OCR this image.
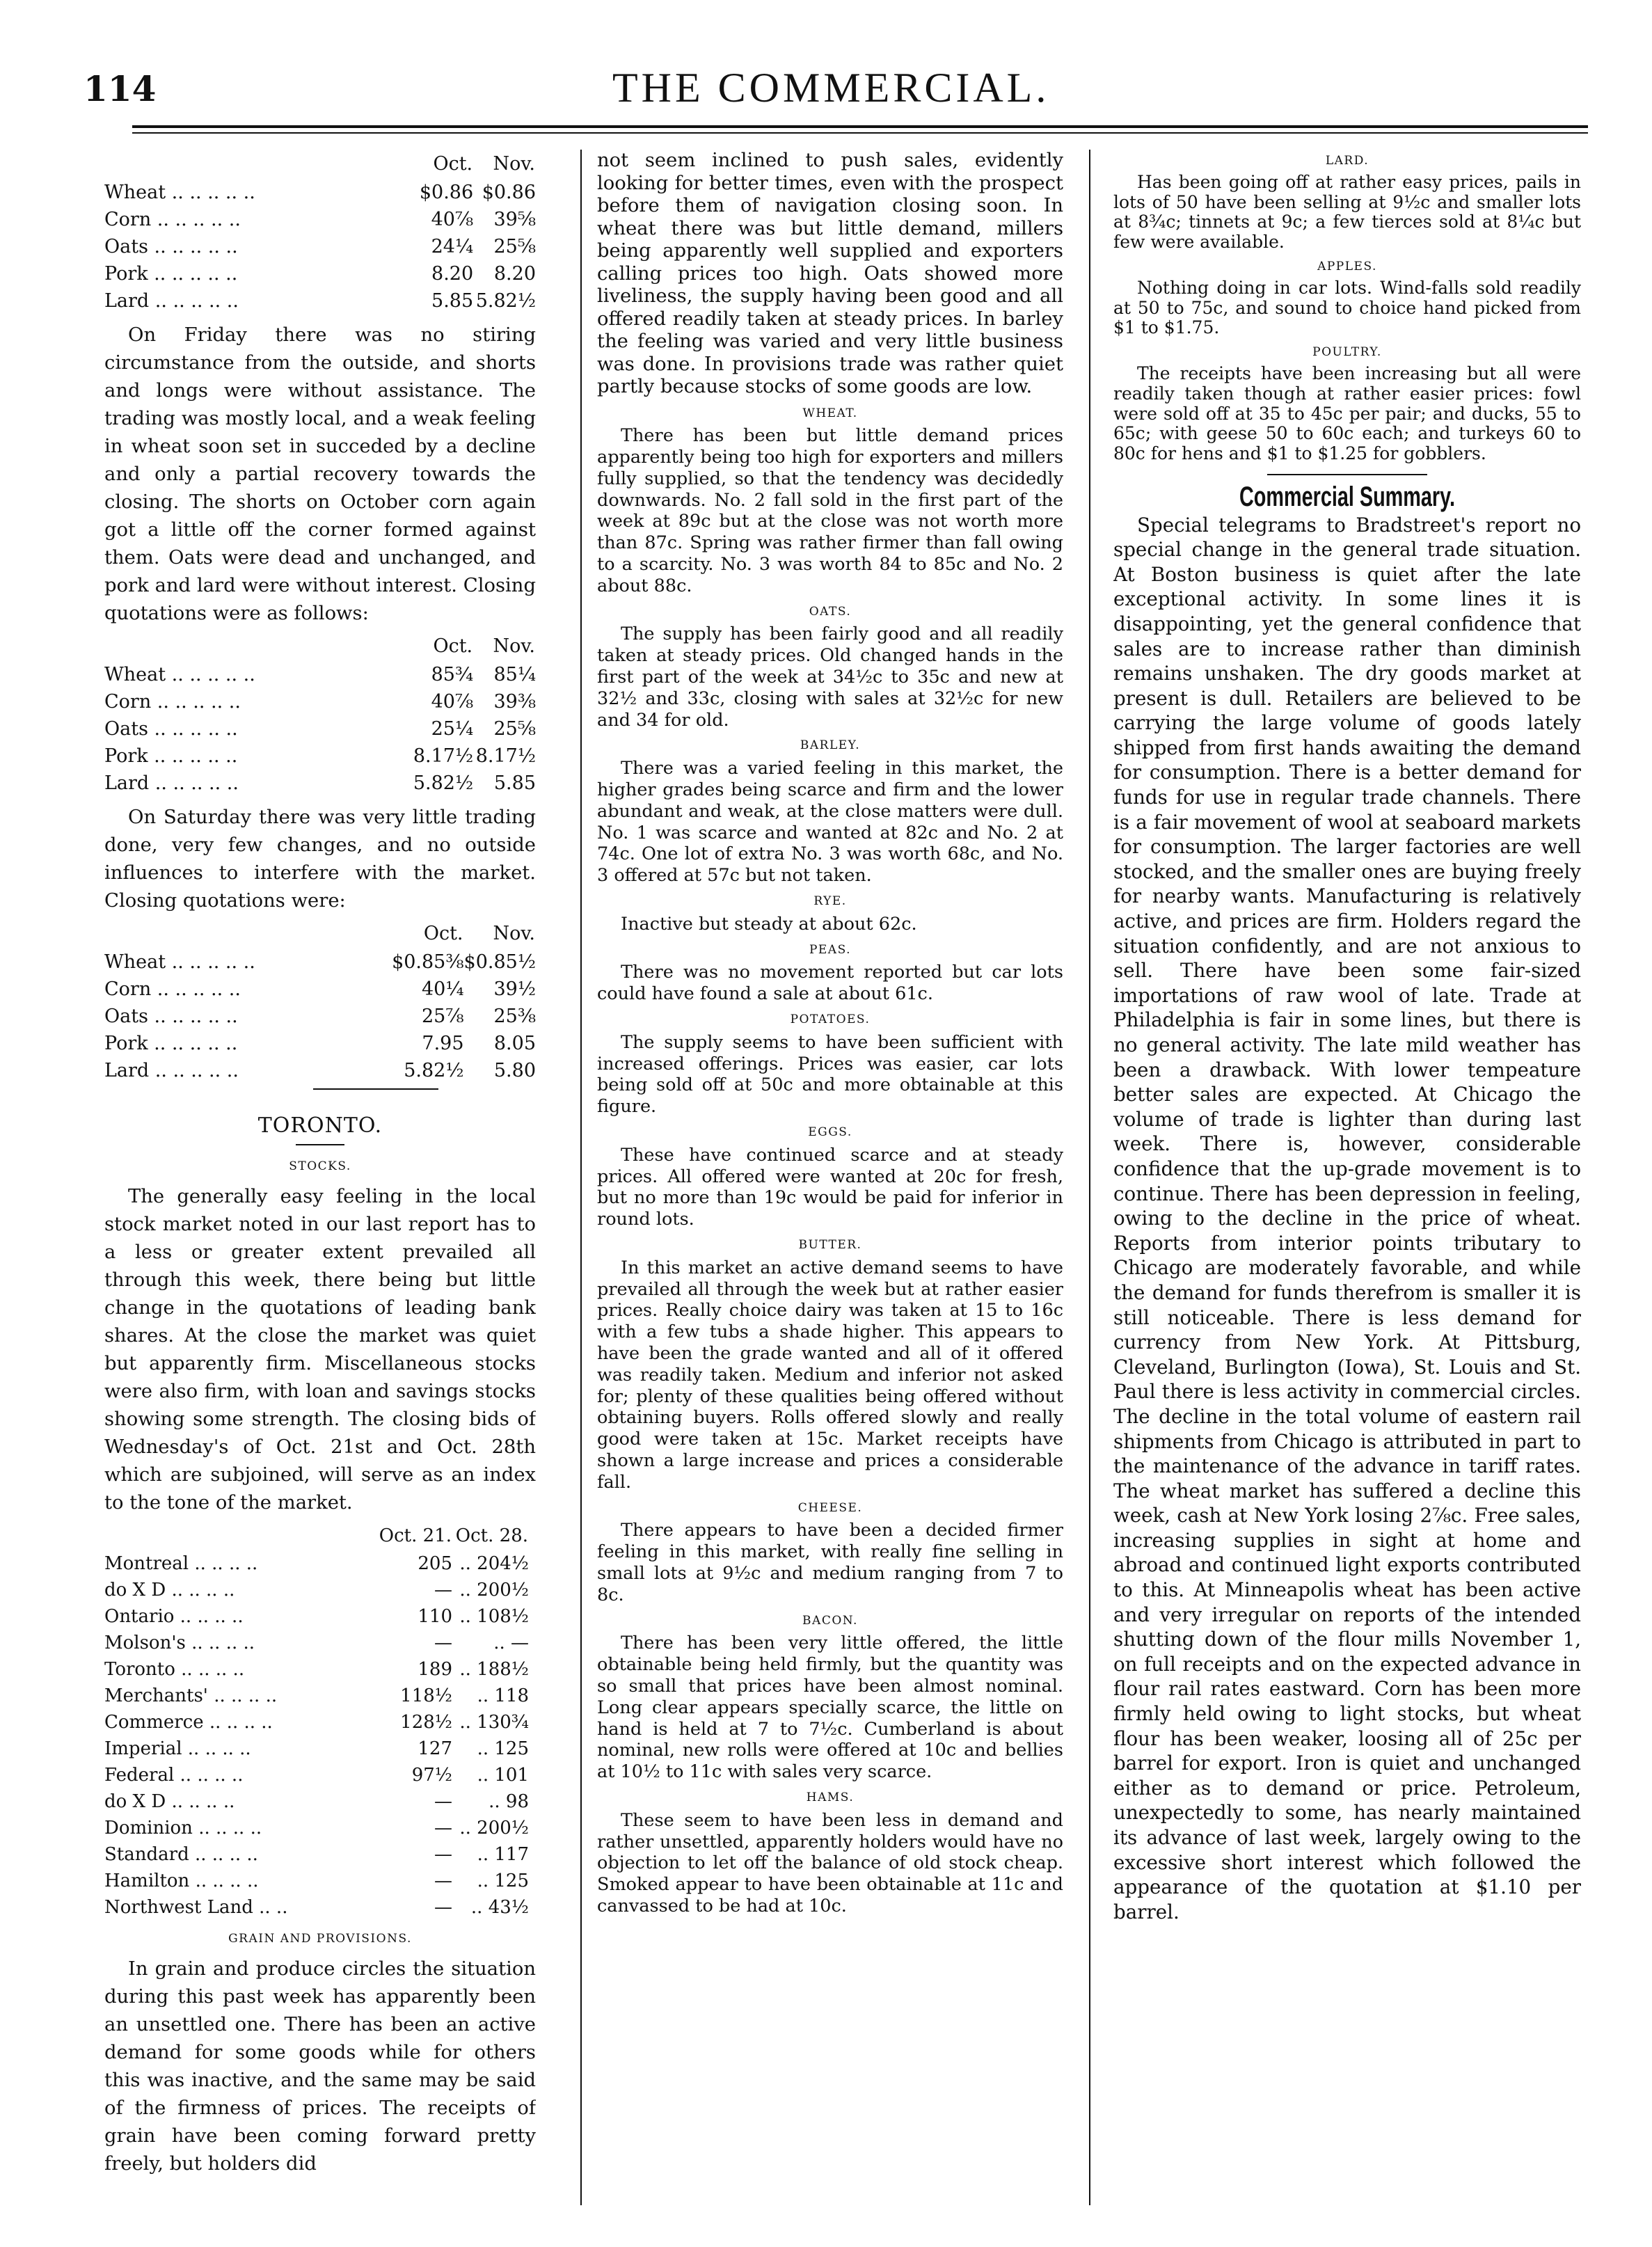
114	THE COMMERCIAL.
	Oct.	Nov.
Wheat .. .. .. .. ..	$0.86	$0.86
Corn .. .. .. .. ..	40⅞	39⅝
Oats .. .. .. .. ..	24¼	25⅝
Pork .. .. .. .. ..	8.20	8.20
Lard .. .. .. .. ..	5.85	5.82½

On Friday there was no stiring circumstance from the outside, and shorts and longs were without assistance. The trading was mostly local, and a weak feeling in wheat soon set in succeded by a decline and only a partial recovery towards the closing. The shorts on October corn again got a little off the corner formed against them. Oats were dead and unchanged, and pork and lard were without interest. Closing quotations were as follows:

	Oct.	Nov.
Wheat .. .. .. .. ..	85¾	85¼
Corn .. .. .. .. ..	40⅞	39⅜
Oats .. .. .. .. ..	25¼	25⅝
Pork .. .. .. .. ..	8.17½	8.17½
Lard .. .. .. .. ..	5.82½	5.85

On Saturday there was very little trading done, very few changes, and no outside influences to interfere with the market. Closing quotations were:

	Oct.	Nov.
Wheat .. .. .. .. ..	$0.85⅜	$0.85½
Corn .. .. .. .. ..	40¼	39½
Oats .. .. .. .. ..	25⅞	25⅜
Pork .. .. .. .. ..	7.95	8.05
Lard .. .. .. .. ..	5.82½	5.80
TORONTO.
STOCKS.

The generally easy feeling in the local stock market noted in our last report has to a less or greater extent prevailed all through this week, there being but little change in the quotations of leading bank shares. At the close the market was quiet but apparently firm. Miscellaneous stocks were also firm, with loan and savings stocks showing some strength. The closing bids of Wednesday's of Oct. 21st and Oct. 28th which are subjoined, will serve as an index to the tone of the market.

	Oct. 21.	Oct. 28.
Montreal .. .. .. ..	205	.. 204½
do X D .. .. .. ..	—	.. 200½
Ontario .. .. .. ..	110	.. 108½
Molson's .. .. .. ..	—	.. —
Toronto .. .. .. ..	189	.. 188½
Merchants' .. .. .. ..	118½	.. 118
Commerce .. .. .. ..	128½	.. 130¾
Imperial .. .. .. ..	127	.. 125
Federal .. .. .. ..	97½	.. 101
do X D .. .. .. ..	—	.. 98
Dominion .. .. .. ..	—	.. 200½
Standard .. .. .. ..	—	.. 117
Hamilton .. .. .. ..	—	.. 125
Northwest Land .. ..	—	.. 43½
GRAIN AND PROVISIONS.

In grain and produce circles the situation during this past week has apparently been an unsettled one. There has been an active demand for some goods while for others this was inactive, and the same may be said of the firmness of prices. The receipts of grain have been coming forward pretty freely, but holders did

not seem inclined to push sales, evidently looking for better times, even with the prospect before them of navigation closing soon. In wheat there was but little demand, millers being apparently well supplied and exporters calling prices too high. Oats showed more liveliness, the supply having been good and all offered readily taken at steady prices. In barley the feeling was varied and very little business was done. In provisions trade was rather quiet partly because stocks of some goods are low.

WHEAT.

There has been but little demand prices apparently being too high for exporters and millers fully supplied, so that the tendency was decidedly downwards. No. 2 fall sold in the first part of the week at 89c but at the close was not worth more than 87c. Spring was rather firmer than fall owing to a scarcity. No. 3 was worth 84 to 85c and No. 2 about 88c.

OATS.

The supply has been fairly good and all readily taken at steady prices. Old changed hands in the first part of the week at 34½c to 35c and new at 32½ and 33c, closing with sales at 32½c for new and 34 for old.

BARLEY.

There was a varied feeling in this market, the higher grades being scarce and firm and the lower abundant and weak, at the close matters were dull. No. 1 was scarce and wanted at 82c and No. 2 at 74c. One lot of extra No. 3 was worth 68c, and No. 3 offered at 57c but not taken.

RYE.

Inactive but steady at about 62c.

PEAS.

There was no movement reported but car lots could have found a sale at about 61c.

POTATOES.

The supply seems to have been sufficient with increased offerings. Prices was easier, car lots being sold off at 50c and more obtainable at this figure.

EGGS.

These have continued scarce and at steady prices. All offered were wanted at 20c for fresh, but no more than 19c would be paid for inferior in round lots.

BUTTER.

In this market an active demand seems to have prevailed all through the week but at rather easier prices. Really choice dairy was taken at 15 to 16c with a few tubs a shade higher. This appears to have been the grade wanted and all of it offered was readily taken. Medium and inferior not asked for; plenty of these qualities being offered without obtaining buyers. Rolls offered slowly and really good were taken at 15c. Market receipts have shown a large increase and prices a considerable fall.

CHEESE.

There appears to have been a decided firmer feeling in this market, with really fine selling in small lots at 9½c and medium ranging from 7 to 8c.

BACON.

There has been very little offered, the little obtainable being held firmly, but the quantity was so small that prices have been almost nominal. Long clear appears specially scarce, the little on hand is held at 7 to 7½c. Cumberland is about nominal, new rolls were offered at 10c and bellies at 10½ to 11c with sales very scarce.

HAMS.

These seem to have been less in demand and rather unsettled, apparently holders would have no objection to let off the balance of old stock cheap. Smoked appear to have been obtainable at 11c and canvassed to be had at 10c.

LARD.

Has been going off at rather easy prices, pails in lots of 50 have been selling at 9½c and smaller lots at 8¾c; tinnets at 9c; a few tierces sold at 8¼c but few were available.

APPLES.

Nothing doing in car lots. Wind-falls sold readily at 50 to 75c, and sound to choice hand picked from $1 to $1.75.

POULTRY.

The receipts have been increasing but all were readily taken though at rather easier prices: fowl were sold off at 35 to 45c per pair; and ducks, 55 to 65c; with geese 50 to 60c each; and turkeys 60 to 80c for hens and $1 to $1.25 for gobblers.

Commercial Summary.

Special telegrams to Bradstreet's report no special change in the general trade situation. At Boston business is quiet after the late exceptional activity. In some lines it is disappointing, yet the general confidence that sales are to increase rather than diminish remains unshaken. The dry goods market at present is dull. Retailers are believed to be carrying the large volume of goods lately shipped from first hands awaiting the demand for consumption. There is a better demand for funds for use in regular trade channels. There is a fair movement of wool at seaboard markets for consumption. The larger factories are well stocked, and the smaller ones are buying freely for nearby wants. Manufacturing is relatively active, and prices are firm. Holders regard the situation confidently, and are not anxious to sell. There have been some fair-sized importations of raw wool of late. Trade at Philadelphia is fair in some lines, but there is no general activity. The late mild weather has been a drawback. With lower tempeature better sales are expected. At Chicago the volume of trade is lighter than during last week. There is, however, considerable confidence that the up-grade movement is to continue. There has been depression in feeling, owing to the decline in the price of wheat. Reports from interior points tributary to Chicago are moderately favorable, and while the demand for funds therefrom is smaller it is still noticeable. There is less demand for currency from New York. At Pittsburg, Cleveland, Burlington (Iowa), St. Louis and St. Paul there is less activity in commercial circles. The decline in the total volume of eastern rail shipments from Chicago is attributed in part to the maintenance of the advance in tariff rates. The wheat market has suffered a decline this week, cash at New York losing 2⅞c. Free sales, increasing supplies in sight at home and abroad and continued light exports contributed to this. At Minneapolis wheat has been active and very irregular on reports of the intended shutting down of the flour mills November 1, on full receipts and on the expected advance in flour rail rates eastward. Corn has been more firmly held owing to light stocks, but wheat flour has been weaker, loosing all of 25c per barrel for export. Iron is quiet and unchanged either as to demand or price. Petroleum, unexpectedly to some, has nearly maintained its advance of last week, largely owing to the excessive short interest which followed the appearance of the quotation at $1.10 per barrel.
